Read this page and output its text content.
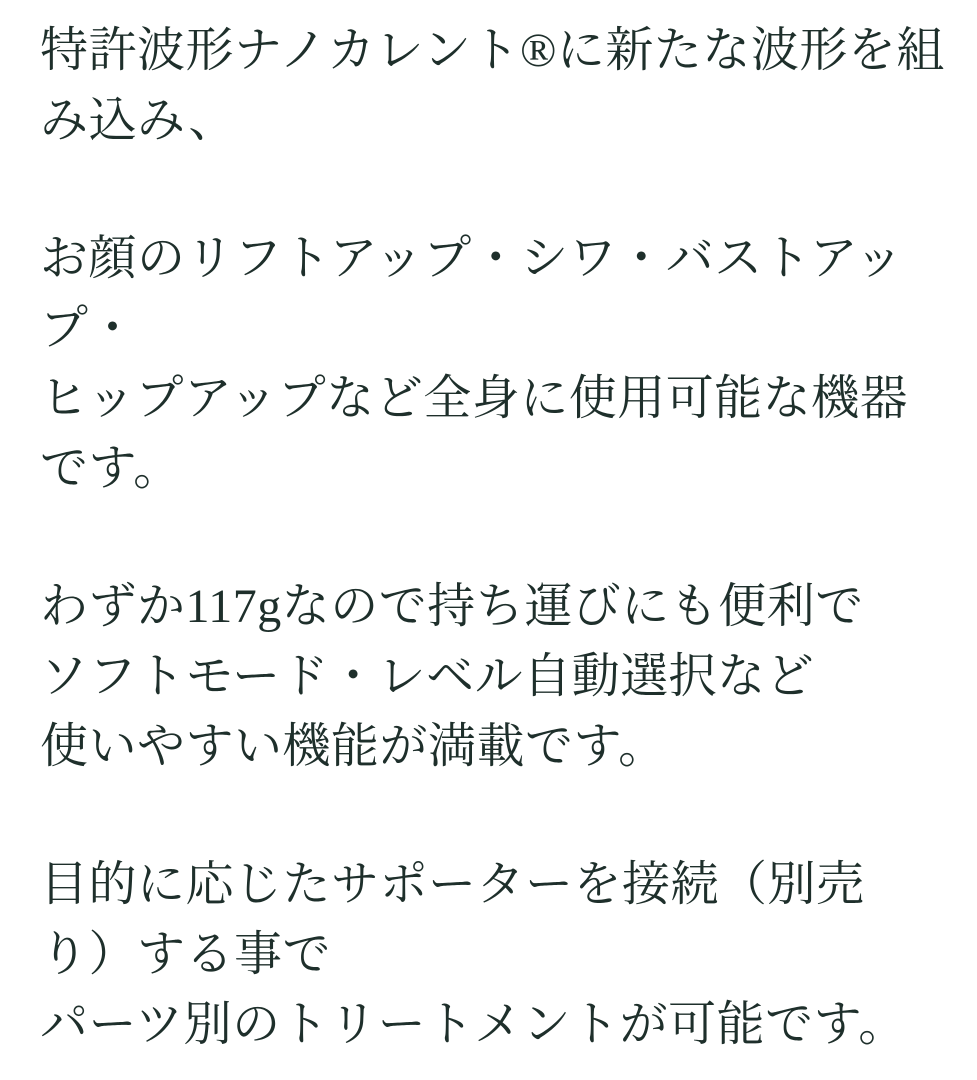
特許波形ナノカレント®に新たな波形を組
み込み、
お顔のリフトアップ・シワ・バストアッ
プ・
ヒップアップなど全身に使用可能な機器
です。
わずか117gなので持ち運びにも便利で
ソフトモード・レベル自動選択など
使いやすい機能が満載です。
目的に応じたサポーターを接続（別売
り）する事で
パーツ別のトリートメントが可能です。
